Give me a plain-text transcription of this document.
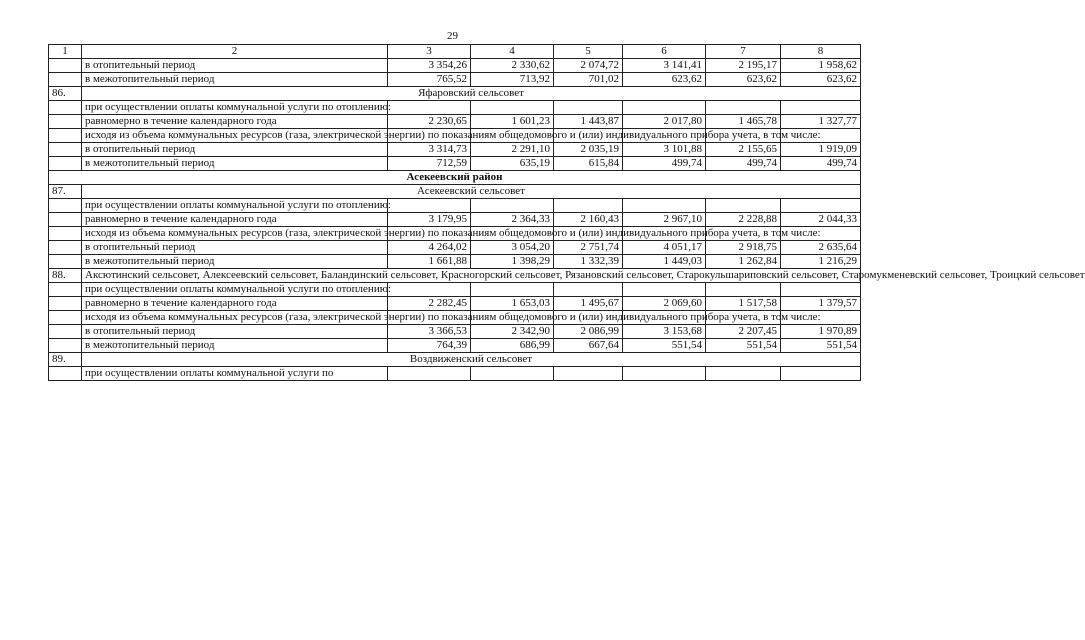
29
1	2	3	4	5	6	7	8
	в отопительный период	3 354,26	2 330,62	2 074,72	3 141,41	2 195,17	1 958,62
	в межотопительный период	765,52	713,92	701,02	623,62	623,62	623,62
86.	Яфаровский сельсовет						
	при осуществлении оплаты коммунальной услуги по отоплению:						
	равномерно в течение календарного года	2 230,65	1 601,23	1 443,87	2 017,80	1 465,78	1 327,77
	исходя из объема коммунальных ресурсов (газа, электрической энергии) по показаниям общедомового и (или) индивидуального прибора учета, в том числе:						
	в отопительный период	3 314,73	2 291,10	2 035,19	3 101,88	2 155,65	1 919,09
	в межотопительный период	712,59	635,19	615,84	499,74	499,74	499,74
Асекеевский район							
87.	Асекеевский сельсовет						
	при осуществлении оплаты коммунальной услуги по отоплению:						
	равномерно в течение календарного года	3 179,95	2 364,33	2 160,43	2 967,10	2 228,88	2 044,33
	исходя из объема коммунальных ресурсов (газа, электрической энергии) по показаниям общедомового и (или) индивидуального прибора учета, в том числе:						
	в отопительный период	4 264,02	3 054,20	2 751,74	4 051,17	2 918,75	2 635,64
	в межотопительный период	1 661,88	1 398,29	1 332,39	1 449,03	1 262,84	1 216,29
88.	Аксютинский сельсовет, Алексеевский сельсовет, Баландинский сельсовет, Красногорский сельсовет, Рязановский сельсовет, Старокульшариповский сельсовет, Старомукменевский сельсовет, Троицкий сельсовет						
	при осуществлении оплаты коммунальной услуги по отоплению:						
	равномерно в течение календарного года	2 282,45	1 653,03	1 495,67	2 069,60	1 517,58	1 379,57
	исходя из объема коммунальных ресурсов (газа, электрической энергии) по показаниям общедомового и (или) индивидуального прибора учета, в том числе:						
	в отопительный период	3 366,53	2 342,90	2 086,99	3 153,68	2 207,45	1 970,89
	в межотопительный период	764,39	686,99	667,64	551,54	551,54	551,54
89.	Воздвиженский сельсовет						
	при осуществлении оплаты коммунальной услуги по						
